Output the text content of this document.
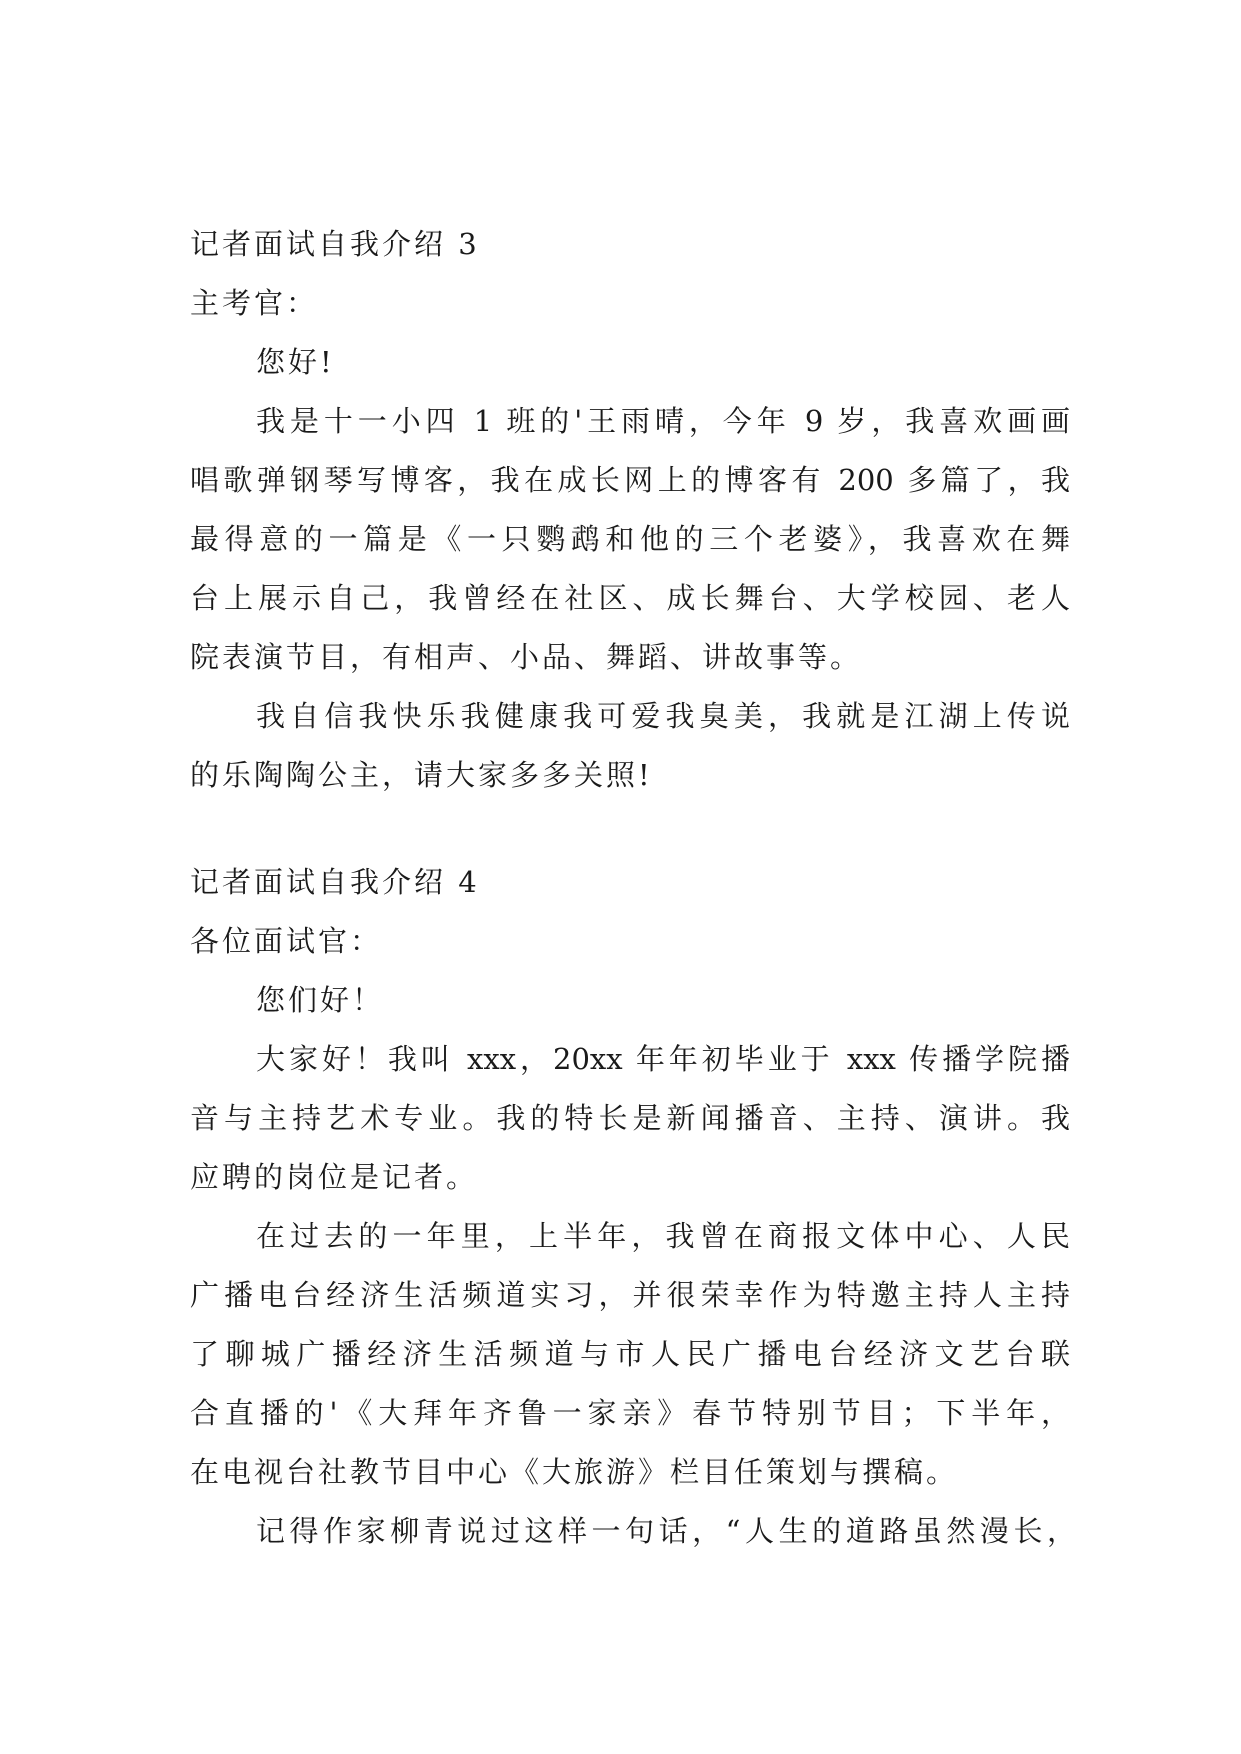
记者面试自我介绍 3
主考官：
您好!
我是十一小四 1 班的'王雨晴，今年 9 岁，我喜欢画画
唱歌弹钢琴写博客，我在成长网上的博客有 200 多篇了，我
最得意的一篇是《一只鹦鹉和他的三个老婆》，我喜欢在舞
台上展示自己，我曾经在社区、成长舞台、大学校园、老人
院表演节目，有相声、小品、舞蹈、讲故事等。
我自信我快乐我健康我可爱我臭美，我就是江湖上传说
的乐陶陶公主，请大家多多关照!
记者面试自我介绍 4
各位面试官：
您们好！
大家好！我叫 xxx，20xx 年年初毕业于 xxx 传播学院播
音与主持艺术专业。我的特长是新闻播音、主持、演讲。我
应聘的岗位是记者。
在过去的一年里，上半年，我曾在商报文体中心、人民
广播电台经济生活频道实习，并很荣幸作为特邀主持人主持
了聊城广播经济生活频道与市人民广播电台经济文艺台联
合直播的'《大拜年齐鲁一家亲》春节特别节目；下半年，
在电视台社教节目中心《大旅游》栏目任策划与撰稿。
记得作家柳青说过这样一句话，“人生的道路虽然漫长，
